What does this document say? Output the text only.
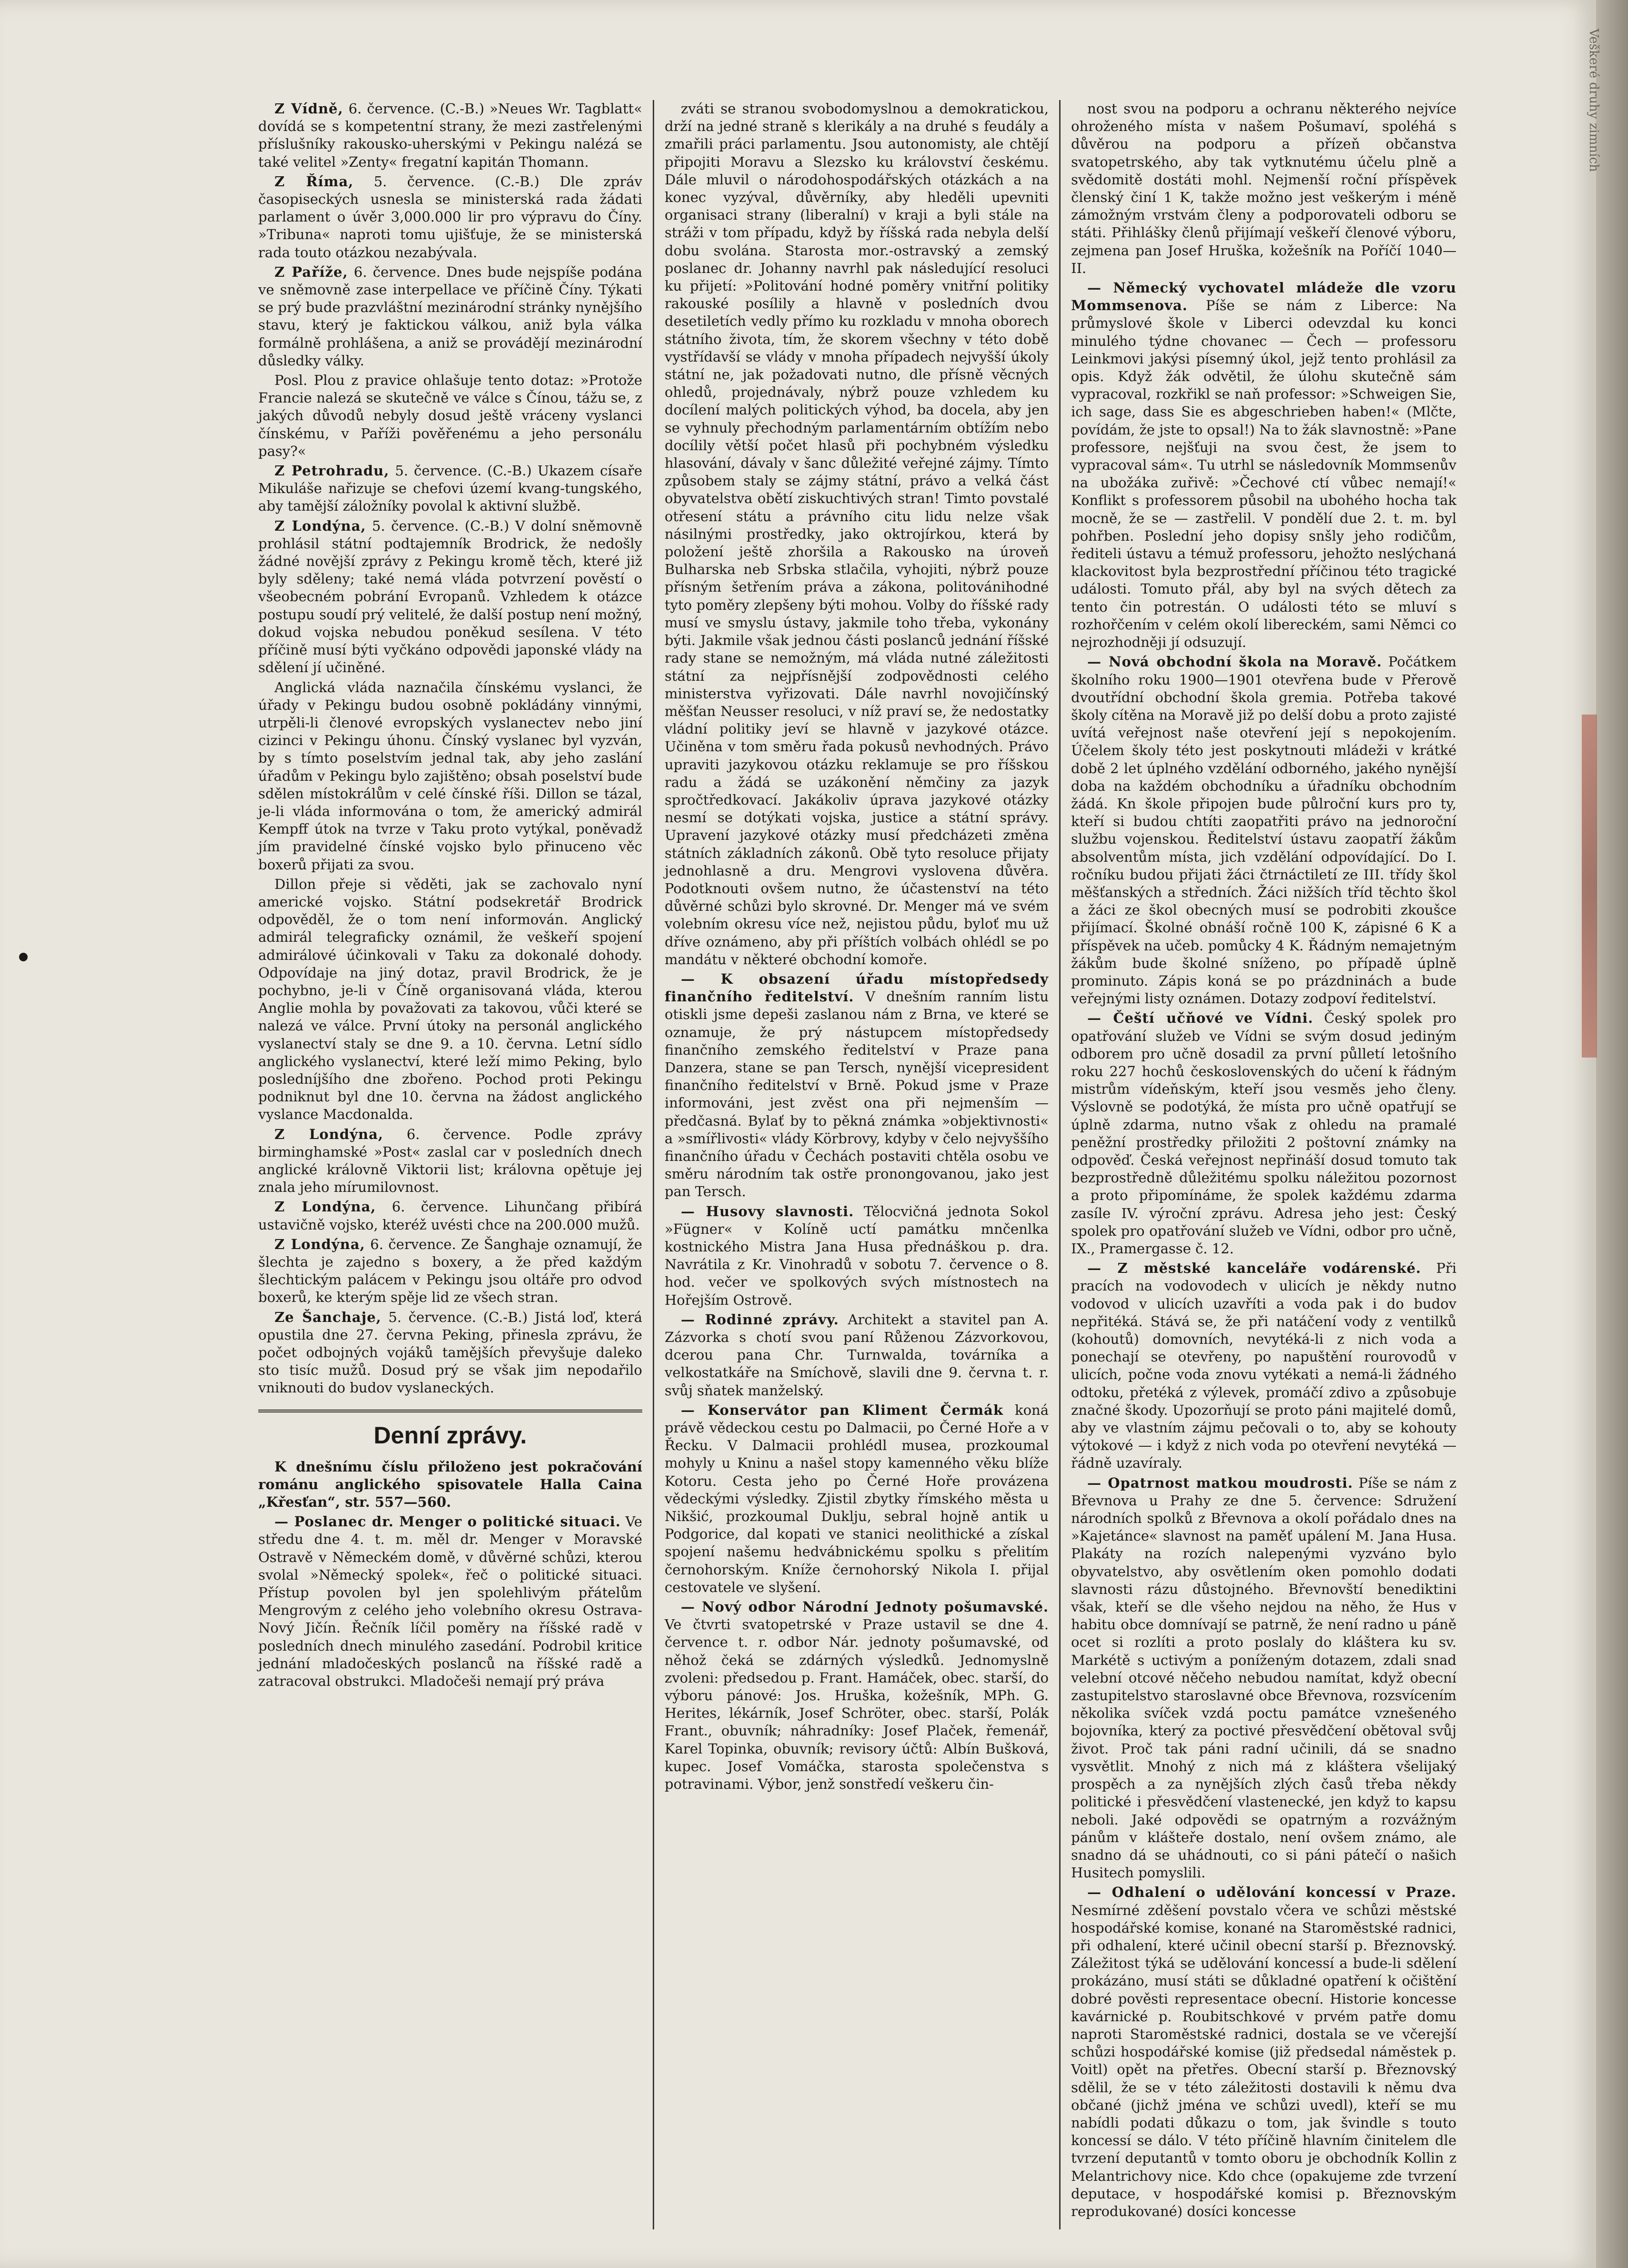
Z Vídně, 6. července. (C.-B.) »Neues Wr. Tagblatt« dovídá se s kompetentní strany, že mezi zastřelenými příslušníky rakousko-uherskými v Pekingu nalézá se také velitel »Zenty« fregatní kapitán Thomann.

Z Říma, 5. července. (C.-B.) Dle zpráv časopiseckých usnesla se ministerská rada žádati parlament o úvěr 3,000.000 lir pro výpravu do Číny. »Tribuna« naproti tomu ujišťuje, že se ministerská rada touto otázkou nezabývala.

Z Paříže, 6. července. Dnes bude nejspíše podána ve sněmovně zase interpellace ve příčině Číny. Týkati se prý bude prazvláštní mezinárodní stránky nynějšího stavu, který je faktickou válkou, aniž byla válka formálně prohlášena, a aniž se provádějí mezinárodní důsledky války.

Posl. Plou z pravice ohlašuje tento dotaz: »Protože Francie nalezá se skutečně ve válce s Čínou, tážu se, z jakých důvodů nebyly dosud ještě vráceny vyslanci čínskému, v Paříži pověřenému a jeho personálu pasy?«

Z Petrohradu, 5. července. (C.-B.) Ukazem císaře Mikuláše nařizuje se chefovi území kvang-tungského, aby tamější záložníky povolal k aktivní službě.

Z Londýna, 5. července. (C.-B.) V dolní sněmovně prohlásil státní podtajemník Brodrick, že nedošly žádné novější zprávy z Pekingu kromě těch, které již byly sděleny; také nemá vláda potvrzení pověstí o všeobecném pobrání Evropanů. Vzhledem k otázce postupu soudí prý velitelé, že další postup není možný, dokud vojska nebudou poněkud sesílena. V této příčině musí býti vyčkáno odpovědi japonské vlády na sdělení jí učiněné.

Anglická vláda naznačila čínskému vyslanci, že úřady v Pekingu budou osobně pokládány vinnými, utrpěli-li členové evropských vyslanectev nebo jiní cizinci v Pekingu úhonu. Čínský vyslanec byl vyzván, by s tímto poselstvím jednal tak, aby jeho zaslání úřadům v Pekingu bylo zajištěno; obsah poselství bude sdělen místokrálům v celé čínské říši. Dillon se tázal, je-li vláda informována o tom, že americký admirál Kempff útok na tvrze v Taku proto vytýkal, poněvadž jím pravidelné čínské vojsko bylo přinuceno věc boxerů přijati za svou.

Dillon přeje si věděti, jak se zachovalo nyní americké vojsko. Státní podsekretář Brodrick odpověděl, že o tom není informován. Anglický admirál telegraficky oznámil, že veškeří spojení admirálové účinkovali v Taku za dokonalé dohody. Odpovídaje na jiný dotaz, pravil Brodrick, že je pochybno, je-li v Číně organisovaná vláda, kterou Anglie mohla by považovati za takovou, vůči které se nalezá ve válce. První útoky na personál anglického vyslanectví staly se dne 9. a 10. června. Letní sídlo anglického vyslanectví, které leží mimo Peking, bylo posledníjšího dne zbořeno. Pochod proti Pekingu podniknut byl dne 10. června na žádost anglického vyslance Macdonalda.

Z Londýna, 6. července. Podle zprávy birminghamské »Post« zaslal car v posledních dnech anglické královně Viktorii list; královna opětuje jej znala jeho mírumilovnost.

Z Londýna, 6. července. Lihunčang přibírá ustavičně vojsko, kteréž uvésti chce na 200.000 mužů.

Z Londýna, 6. července. Ze Šanghaje oznamují, že šlechta je zajedno s boxery, a že před každým šlechtickým palácem v Pekingu jsou oltáře pro odvod boxerů, ke kterým spěje lid ze všech stran.

Ze Šanchaje, 5. července. (C.-B.) Jistá loď, která opustila dne 27. června Peking, přinesla zprávu, že počet odbojných vojáků tamějších převyšuje daleko sto tisíc mužů. Dosud prý se však jim nepodařilo vniknouti do budov vyslaneckých.

Denní zprávy.

K dnešnímu číslu přiloženo jest pokračování románu anglického spisovatele Halla Caina „Křesťan“, str. 557—560.

— Poslanec dr. Menger o politické situaci. Ve středu dne 4. t. m. měl dr. Menger v Moravské Ostravě v Německém domě, v důvěrné schůzi, kterou svolal »Německý spolek«, řeč o politické situaci. Přístup povolen byl jen spolehlivým přátelům Mengrovým z celého jeho volebního okresu Ostrava-Nový Jičín. Řečník líčil poměry na říšské radě v posledních dnech minulého zasedání. Podrobil kritice jednání mladočeských poslanců na říšské radě a zatracoval obstrukci. Mladočeši nemají prý práva

zváti se stranou svobodomyslnou a demokratickou, drží na jedné straně s klerikály a na druhé s feudály a zmařili práci parlamentu. Jsou autonomisty, ale chtějí připojiti Moravu a Slezsko ku království českému. Dále mluvil o národohospodářských otázkách a na konec vyzýval, důvěrníky, aby hleděli upevniti organisaci strany (liberalní) v kraji a byli stále na stráži v tom případu, když by říšská rada nebyla delší dobu svolána. Starosta mor.-ostravský a zemský poslanec dr. Johanny navrhl pak následující resoluci ku přijetí: »Politování hodné poměry vnitřní politiky rakouské posílily a hlavně v posledních dvou desetiletích vedly přímo ku rozkladu v mnoha oborech státního života, tím, že skorem všechny v této době vystřídavší se vlády v mnoha případech nejvyšší úkoly státní ne, jak požadovati nutno, dle přísně věcných ohledů, projednávaly, nýbrž pouze vzhledem ku docílení malých politických výhod, ba docela, aby jen se vyhnuly přechodným parlamentárním obtížím nebo docílily větší počet hlasů při pochybném výsledku hlasování, dávaly v šanc důležité veřejné zájmy. Tímto způsobem staly se zájmy státní, právo a velká část obyvatelstva obětí ziskuchtivých stran! Timto povstalé otřesení státu a právního citu lidu nelze však násilnými prostředky, jako oktrojírkou, která by položení ještě zhoršila a Rakousko na úroveň Bulharska neb Srbska stlačila, vyhojiti, nýbrž pouze přísným šetřením práva a zákona, politovánihodné tyto poměry zlepšeny býti mohou. Volby do říšské rady musí ve smyslu ústavy, jakmile toho třeba, vykonány býti. Jakmile však jednou části poslanců jednání říšské rady stane se nemožným, má vláda nutné záležitosti státní za nejpřísnější zodpovědnosti celého ministerstva vyřizovati. Dále navrhl novojičínský měšťan Neusser resoluci, v níž praví se, že nedostatky vládní politiky jeví se hlavně v jazykové otázce. Učiněna v tom směru řada pokusů nevhodných. Právo upraviti jazykovou otázku reklamuje se pro říšskou radu a žádá se uzákonění němčiny za jazyk spročtředkovací. Jakákoliv úprava jazykové otázky nesmí se dotýkati vojska, justice a státní správy. Upravení jazykové otázky musí předcházeti změna státních základních zákonů. Obě tyto resoluce přijaty jednohlasně a dru. Mengrovi vyslovena důvěra. Podotknouti ovšem nutno, že účastenství na této důvěrné schůzi bylo skrovné. Dr. Menger má ve svém volebním okresu více než, nejistou půdu, byloť mu už dříve oznámeno, aby při příštích volbách ohlédl se po mandátu v některé obchodní komoře.

— K obsazení úřadu místopředsedy finančního ředitelství. V dnešním ranním listu otiskli jsme depeši zaslanou nám z Brna, ve které se oznamuje, že prý nástupcem místopředsedy finančního zemského ředitelství v Praze pana Danzera, stane se pan Tersch, nynější vicepresident finančního ředitelství v Brně. Pokud jsme v Praze informováni, jest zvěst ona při nejmenším — předčasná. Bylať by to pěkná známka »objektivnosti« a »smířlivosti« vlády Körbrovy, kdyby v čelo nejvyššího finančního úřadu v Čechách postaviti chtěla osobu ve směru národním tak ostře pronongovanou, jako jest pan Tersch.

— Husovy slavnosti. Tělocvičná jednota Sokol »Fügner« v Kolíně uctí památku mnčenlka kostnického Mistra Jana Husa přednáškou p. dra. Navrátila z Kr. Vinohradů v sobotu 7. července o 8. hod. večer ve spolkových svých místnostech na Hořejším Ostrově.

— Rodinné zprávy. Architekt a stavitel pan A. Zázvorka s chotí svou paní Růženou Zázvorkovou, dcerou pana Chr. Turnwalda, továrníka a velkostatkáře na Smíchově, slavili dne 9. června t. r. svůj sňatek manželský.

— Konservátor pan Kliment Čermák koná právě vědeckou cestu po Dalmacii, po Černé Hoře a v Řecku. V Dalmacii prohlédl musea, prozkoumal mohyly u Kninu a našel stopy kamenného věku blíže Kotoru. Cesta jeho po Černé Hoře provázena vědeckými výsledky. Zjistil zbytky římského města u Nikšić, prozkoumal Duklju, sebral hojně antik u Podgorice, dal kopati ve stanici neolithické a získal spojení našemu hedvábnickému spolku s přelitím černohorským. Kníže černohorský Nikola I. přijal cestovatele ve slyšení.

— Nový odbor Národní Jednoty pošumavské. Ve čtvrti svatopetrské v Praze ustavil se dne 4. července t. r. odbor Nár. jednoty pošumavské, od něhož čeká se zdárných výsledků. Jednomyslně zvoleni: předsedou p. Frant. Hamáček, obec. starší, do výboru pánové: Jos. Hruška, kožešník, MPh. G. Herites, lékárník, Josef Schröter, obec. starší, Polák Frant., obuvník; náhradníky: Josef Plaček, řemenář, Karel Topinka, obuvník; revisory účtů: Albín Bušková, kupec. Josef Vomáčka, starosta společenstva s potravinami. Výbor, jenž sonstředí veškeru čin-

nost svou na podporu a ochranu některého nejvíce ohroženého místa v našem Pošumaví, spoléhá s důvěrou na podporu a přízeň občanstva svatopetrského, aby tak vytknutému účelu plně a svědomitě dostáti mohl. Nejmenší roční příspěvek členský činí 1 K, takže možno jest veškerým i méně zámožným vrstvám členy a podporovateli odboru se státi. Přihlášky členů přijímají veškeří členové výboru, zejmena pan Josef Hruška, kožešník na Poříčí 1040—II.

— Německý vychovatel mládeže dle vzoru Mommsenova. Píše se nám z Liberce: Na průmyslové škole v Liberci odevzdal ku konci minulého týdne chovanec — Čech — professoru Leinkmovi jakýsi písemný úkol, jejž tento prohlásil za opis. Když žák odvětil, že úlohu skutečně sám vypracoval, rozkřikl se naň professor: »Schweigen Sie, ich sage, dass Sie es abgeschrieben haben!« (Mlčte, povídám, že jste to opsal!) Na to žák slavnostně: »Pane professore, nejšťuji na svou čest, že jsem to vypracoval sám«. Tu utrhl se následovník Mommsenův na ubožáka zuřivě: »Čechové ctí vůbec nemají!« Konflikt s professorem působil na ubohého hocha tak mocně, že se — zastřelil. V pondělí due 2. t. m. byl pohřben. Poslední jeho dopisy snšly jeho rodičům, řediteli ústavu a témuž professoru, jehožto neslýchaná klackovitost byla bezprostřední příčinou této tragické události. Tomuto přál, aby byl na svých dětech za tento čin potrestán. O události této se mluví s rozhořčením v celém okolí libereckém, sami Němci co nejrozhodněji jí odsuzují.

— Nová obchodní škola na Moravě. Počátkem školního roku 1900—1901 otevřena bude v Přerově dvoutřídní obchodní škola gremia. Potřeba takové školy cítěna na Moravě již po delší dobu a proto zajisté uvítá veřejnost naše otevření její s nepokojením. Účelem školy této jest poskytnouti mládeži v krátké době 2 let úplného vzdělání odborného, jakého nynější doba na každém obchodníku a úřadníku obchodním žádá. Kn škole připojen bude půlroční kurs pro ty, kteří si budou chtíti zaopatřiti právo na jednoroční službu vojenskou. Ředitelství ústavu zaopatří žákům absolventům místa, jich vzdělání odpovídající. Do I. ročníku budou přijati žáci čtrnáctiletí ze III. třídy škol měšťanských a středních. Žáci nižších tříd těchto škol a žáci ze škol obecných musí se podrobiti zkoušce přijímací. Školné obnáší ročně 100 K, zápisné 6 K a příspěvek na učeb. pomůcky 4 K. Řádným nemajetným žákům bude školné sníženo, po případě úplně prominuto. Zápis koná se po prázdninách a bude veřejnými listy oznámen. Dotazy zodpoví ředitelství.

— Čeští učňové ve Vídni. Český spolek pro opatřování služeb ve Vídni se svým dosud jediným odborem pro učně dosadil za první půlletí letošního roku 227 hochů československých do učení k řádným mistrům vídeňským, kteří jsou vesměs jeho členy. Výslovně se podotýká, že místa pro učně opatřují se úplně zdarma, nutno však z ohledu na pramalé peněžní prostředky přiložiti 2 poštovní známky na odpověď. Česká veřejnost nepřináší dosud tomuto tak bezprostředně důležitému spolku náležitou pozornost a proto připomínáme, že spolek každému zdarma zasíle IV. výroční zprávu. Adresa jeho jest: Český spolek pro opatřování služeb ve Vídni, odbor pro učně, IX., Pramergasse č. 12.

— Z městské kanceláře vodárenské. Při pracích na vodovodech v ulicích je někdy nutno vodovod v ulicích uzavříti a voda pak i do budov nepřitéká. Stává se, že při natáčení vody z ventilků (kohoutů) domovních, nevytéká-li z nich voda a ponechají se otevřeny, po napuštění rourovodů v ulicích, počne voda znovu vytékati a nemá-li žádného odtoku, přetéká z výlevek, promáčí zdivo a způsobuje značné škody. Upozorňují se proto páni majitelé domů, aby ve vlastním zájmu pečovali o to, aby se kohouty výtokové — i když z nich voda po otevření nevytéká — řádně uzavíraly.

— Opatrnost matkou moudrosti. Píše se nám z Břevnova u Prahy ze dne 5. července: Sdružení národních spolků z Břevnova a okolí pořádalo dnes na »Kajetánce« slavnost na paměť upálení M. Jana Husa. Plakáty na rozích nalepenými vyzváno bylo obyvatelstvo, aby osvětlením oken pomohlo dodati slavnosti rázu důstojného. Břevnovští benediktini však, kteří se dle všeho nejdou na něho, že Hus v habitu obce domnívají se patrně, že není radno u páně ocet si rozlíti a proto poslaly do kláštera ku sv. Markétě s uctivým a poníženým dotazem, zdali snad velební otcové něčeho nebudou namítat, když obecní zastupitelstvo staroslavné obce Břevnova, rozsvícením několika svíček vzdá poctu památce vznešeného bojovníka, který za poctivé přesvědčení obětoval svůj život. Proč tak páni radní učinili, dá se snadno vysvětlit. Mnohý z nich má z kláštera všelijaký prospěch a za nynějších zlých časů třeba někdy politické i přesvědčení vlastenecké, jen když to kapsu neboli. Jaké odpovědi se opatrným a rozvážným pánům v klášteře dostalo, není ovšem známo, ale snadno dá se uhádnouti, co si páni pátečí o našich Husitech pomyslili.

— Odhalení o udělování koncessí v Praze. Nesmírné zděšení povstalo včera ve schůzi městské hospodářské komise, konané na Staroměstské radnici, při odhalení, které učinil obecní starší p. Březnovský. Záležitost týká se udělování koncessí a bude-li sdělení prokázáno, musí státi se důkladné opatření k očištění dobré pověsti representace obecní. Historie koncesse kavárnické p. Roubitschkové v prvém patře domu naproti Staroměstské radnici, dostala se ve včerejší schůzi hospodářské komise (již předsedal náměstek p. Voitl) opět na přetřes. Obecní starší p. Březnovský sdělil, že se v této záležitosti dostavili k němu dva občané (jichž jména ve schůzi uvedl), kteří se mu nabídli podati důkazu o tom, jak švindle s touto koncessí se dálo. V této příčině hlavním činitelem dle tvrzení deputantů v tomto oboru je obchodník Kollin z Melantrichovy nice. Kdo chce (opakujeme zde tvrzení deputace, v hospodářské komisi p. Březnovským reprodukované) dosíci koncesse

Veškeré druhy zimních
